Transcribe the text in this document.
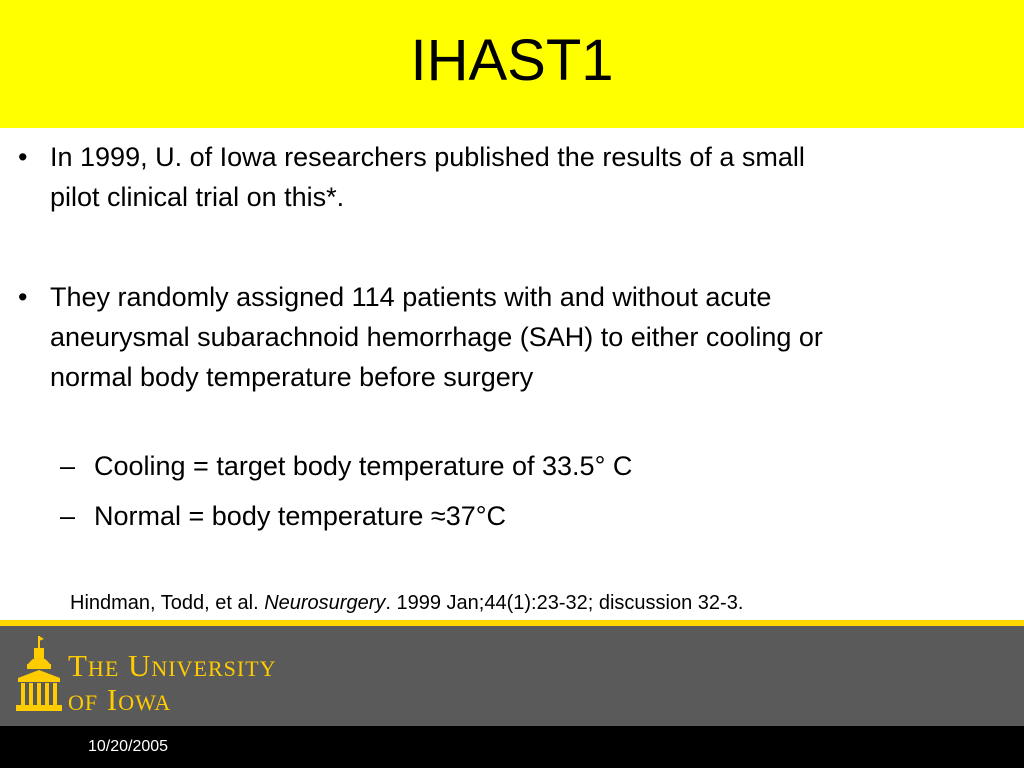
IHAST1
• In 1999, U. of Iowa researchers published the results of a small pilot clinical trial on this*.
• They randomly assigned 114 patients with and without acute aneurysmal subarachnoid hemorrhage (SAH) to either cooling or normal body temperature before surgery
– Cooling = target body temperature of 33.5° C
– Normal = body temperature ≈37°C
Hindman, Todd, et al. Neurosurgery. 1999 Jan;44(1):23-32; discussion 32-3.
The University
of Iowa
10/20/2005
